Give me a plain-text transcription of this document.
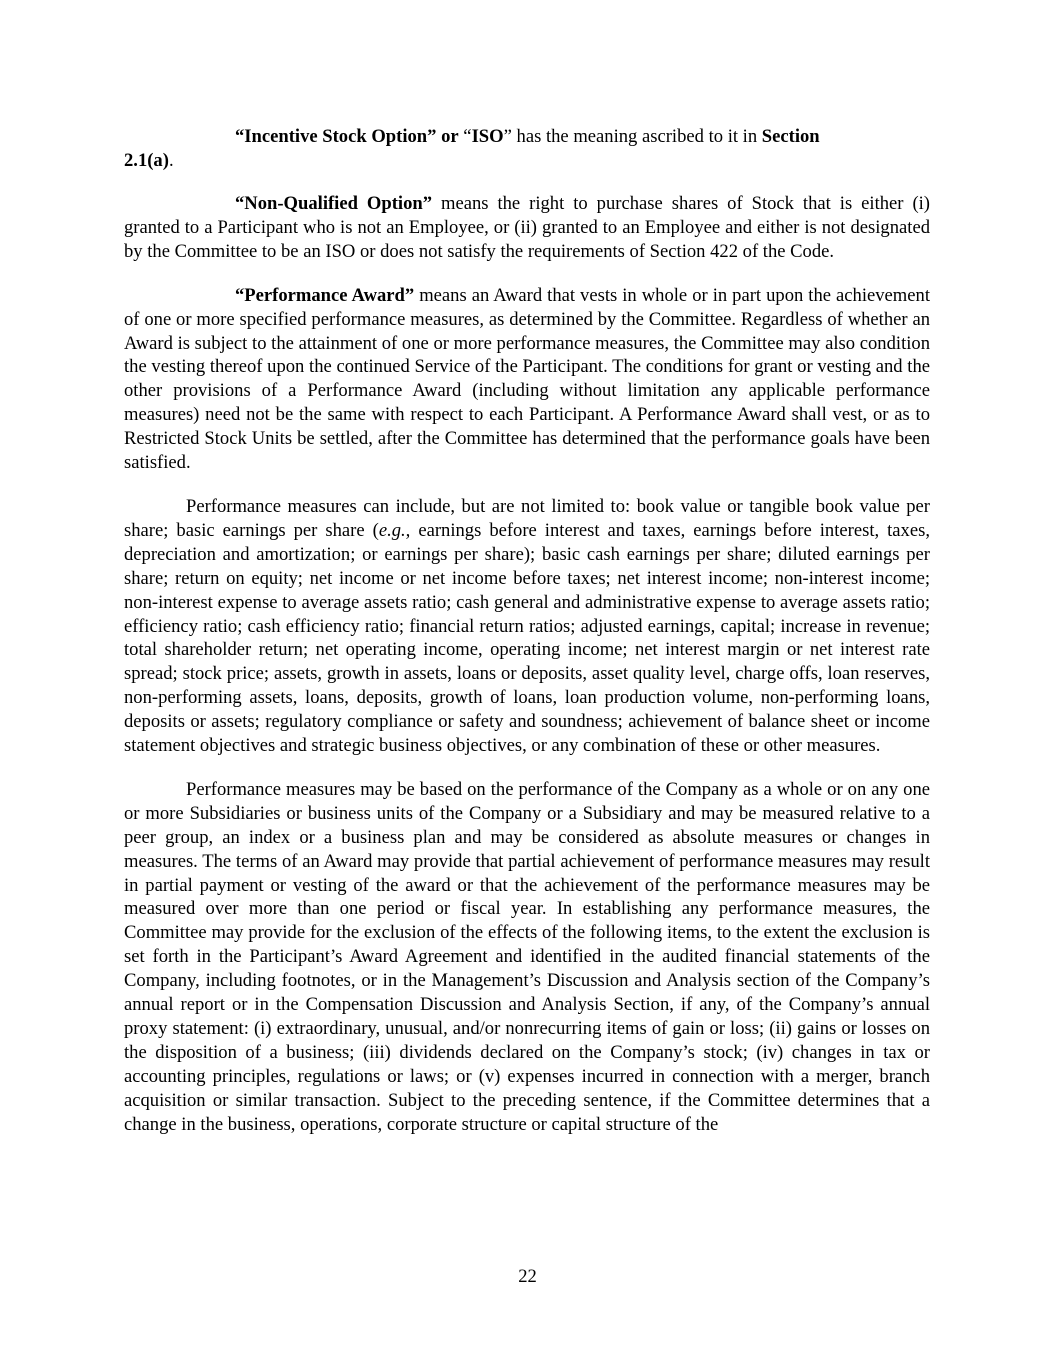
“Incentive Stock Option” or “ISO” has the meaning ascribed to it in Section

2.1(a).

“Non-Qualified Option” means the right to purchase shares of Stock that is either (i) granted to a Participant who is not an Employee, or (ii) granted to an Employee and either is not designated by the Committee to be an ISO or does not satisfy the requirements of Section 422 of the Code.

“Performance Award” means an Award that vests in whole or in part upon the achievement of one or more specified performance measures, as determined by the Committee. Regardless of whether an Award is subject to the attainment of one or more performance measures, the Committee may also condition the vesting thereof upon the continued Service of the Participant. The conditions for grant or vesting and the other provisions of a Performance Award (including without limitation any applicable performance measures) need not be the same with respect to each Participant. A Performance Award shall vest, or as to Restricted Stock Units be settled, after the Committee has determined that the performance goals have been satisfied.

Performance measures can include, but are not limited to: book value or tangible book value per share; basic earnings per share (e.g., earnings before interest and taxes, earnings before interest, taxes, depreciation and amortization; or earnings per share); basic cash earnings per share; diluted earnings per share; return on equity; net income or net income before taxes; net interest income; non-interest income; non-interest expense to average assets ratio; cash general and administrative expense to average assets ratio; efficiency ratio; cash efficiency ratio; financial return ratios; adjusted earnings, capital; increase in revenue; total shareholder return; net operating income, operating income; net interest margin or net interest rate spread; stock price; assets, growth in assets, loans or deposits, asset quality level, charge offs, loan reserves, non-performing assets, loans, deposits, growth of loans, loan production volume, non-performing loans, deposits or assets; regulatory compliance or safety and soundness; achievement of balance sheet or income statement objectives and strategic business objectives, or any combination of these or other measures.

Performance measures may be based on the performance of the Company as a whole or on any one or more Subsidiaries or business units of the Company or a Subsidiary and may be measured relative to a peer group, an index or a business plan and may be considered as absolute measures or changes in measures. The terms of an Award may provide that partial achievement of performance measures may result in partial payment or vesting of the award or that the achievement of the performance measures may be measured over more than one period or fiscal year. In establishing any performance measures, the Committee may provide for the exclusion of the effects of the following items, to the extent the exclusion is set forth in the Participant’s Award Agreement and identified in the audited financial statements of the Company, including footnotes, or in the Management’s Discussion and Analysis section of the Company’s annual report or in the Compensation Discussion and Analysis Section, if any, of the Company’s annual proxy statement: (i) extraordinary, unusual, and/or nonrecurring items of gain or loss; (ii) gains or losses on the disposition of a business; (iii) dividends declared on the Company’s stock; (iv) changes in tax or accounting principles, regulations or laws; or (v) expenses incurred in connection with a merger, branch acquisition or similar transaction. Subject to the preceding sentence, if the Committee determines that a change in the business, operations, corporate structure or capital structure of the

22
